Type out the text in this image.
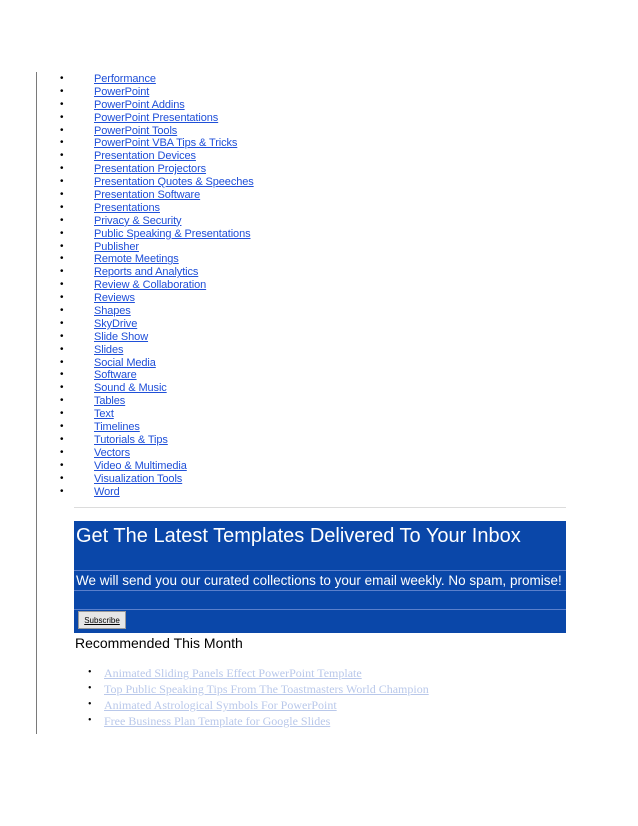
• Performance
• PowerPoint
• PowerPoint Addins
• PowerPoint Presentations
• PowerPoint Tools
• PowerPoint VBA Tips & Tricks
• Presentation Devices
• Presentation Projectors
• Presentation Quotes & Speeches
• Presentation Software
• Presentations
• Privacy & Security
• Public Speaking & Presentations
• Publisher
• Remote Meetings
• Reports and Analytics
• Review & Collaboration
• Reviews
• Shapes
• SkyDrive
• Slide Show
• Slides
• Social Media
• Software
• Sound & Music
• Tables
• Text
• Timelines
• Tutorials & Tips
• Vectors
• Video & Multimedia
• Visualization Tools
• Word
Get The Latest Templates Delivered To Your Inbox
We will send you our curated collections to your email weekly. No spam, promise!
Subscribe
Recommended This Month
• Animated Sliding Panels Effect PowerPoint Template
• Top Public Speaking Tips From The Toastmasters World Champion
• Animated Astrological Symbols For PowerPoint
• Free Business Plan Template for Google Slides
